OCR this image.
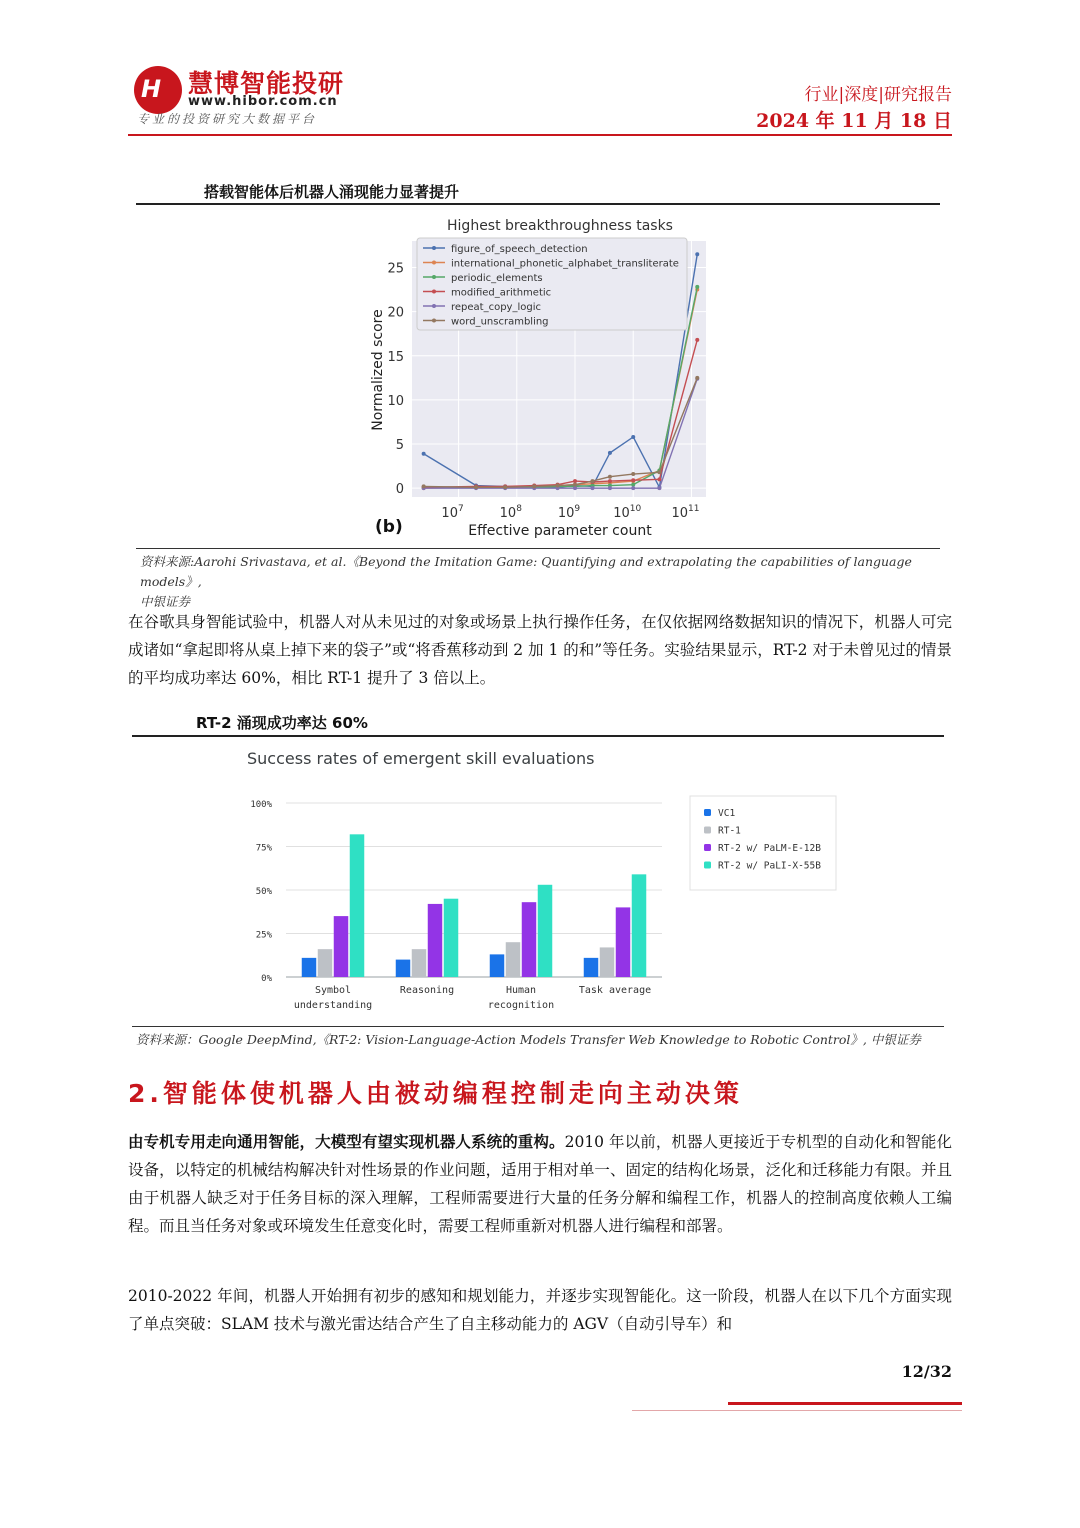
H 慧博智能投研
www.hibor.com.cn
专业的投资研究大数据平台
行业|深度|研究报告
2024 年 11 月 18 日
搭载智能体后机器人涌现能力显著提升
Highest breakthroughness tasks
0
5
10
15
20
25
$10^7$	$10^8$	$10^9$	$10^{10}$ $10^{11}$
figure_of_speech_detection
international_phonetic_alphabet_transliterate
periodic_elements
modified_arithmetic
repeat_copy_logic
word_unscrambling
Effective parameter count
Normalized score
(b)
资料来源:Aarohi Srivastava, et al.《Beyond the Imitation Game: Quantifying and extrapolating the capabilities of language models》,
中银证券
在谷歌具身智能试验中，机器人对从未见过的对象或场景上执行操作任务，在仅依据网络数据知识的情况下，机器人可完成诸如“拿起即将从桌上掉下来的袋子”或“将香蕉移动到 2 加 1 的和”等任务。实验结果显示，RT-2 对于未曾见过的情景的平均成功率达 60%，相比 RT-1 提升了 3 倍以上。
RT-2 涌现成功率达 60%
Success rates of emergent skill evaluations
0%
25%
50%
75%
100%
Symbol
understanding
Reasoning	Human
recognition
Task average
VC1
RT-1
RT-2 w/ PaLM-E-12B
RT-2 w/ PaLI-X-55B
资料来源：Google DeepMind,《RT-2: Vision-Language-Action Models Transfer Web Knowledge to Robotic Control》, 中银证券
2.智能体使机器人由被动编程控制走向主动决策
由专机专用走向通用智能，大模型有望实现机器人系统的重构。2010 年以前，机器人更接近于专机型的自动化和智能化设备，以特定的机械结构解决针对性场景的作业问题，适用于相对单一、固定的结构化场景，泛化和迁移能力有限。并且由于机器人缺乏对于任务目标的深入理解，工程师需要进行大量的任务分解和编程工作，机器人的控制高度依赖人工编程。而且当任务对象或环境发生任意变化时，需要工程师重新对机器人进行编程和部署。
2010-2022 年间，机器人开始拥有初步的感知和规划能力，并逐步实现智能化。这一阶段，机器人在以下几个方面实现了单点突破：SLAM 技术与激光雷达结合产生了自主移动能力的 AGV（自动引导车）和
12/32
